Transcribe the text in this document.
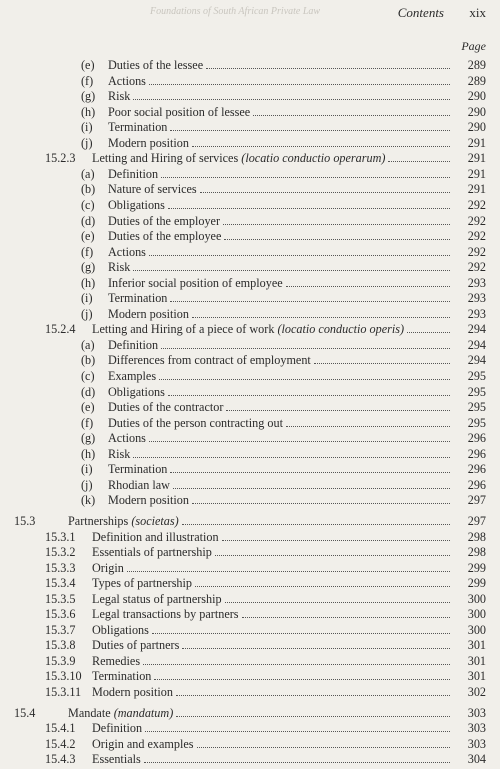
Foundations of South African Private Law	Contents xix
Page
(e) Duties of the lessee	289
(f) Actions	289
(g) Risk	290
(h) Poor social position of lessee	290
(i) Termination	290
(j) Modern position	291
15.2.3 Letting and Hiring of services (locatio conductio operarum)	291
(a) Definition	291
(b) Nature of services	291
(c) Obligations	292
(d) Duties of the employer	292
(e) Duties of the employee	292
(f) Actions	292
(g) Risk	292
(h) Inferior social position of employee	293
(i) Termination	293
(j) Modern position	293
15.2.4 Letting and Hiring of a piece of work (locatio conductio operis)	294
(a) Definition	294
(b) Differences from contract of employment	294
(c) Examples	295
(d) Obligations	295
(e) Duties of the contractor	295
(f) Duties of the person contracting out	295
(g) Actions	296
(h) Risk	296
(i) Termination	296
(j) Rhodian law	296
(k) Modern position	297
15.3	Partnerships (societas)	297
15.3.1 Definition and illustration	298
15.3.2 Essentials of partnership	298
15.3.3 Origin	299
15.3.4 Types of partnership	299
15.3.5 Legal status of partnership	300
15.3.6 Legal transactions by partners	300
15.3.7 Obligations	300
15.3.8 Duties of partners	301
15.3.9 Remedies	301
15.3.10 Termination	301
15.3.11 Modern position	302
15.4	Mandate (mandatum)	303
15.4.1 Definition	303
15.4.2 Origin and examples	303
15.4.3 Essentials	304
